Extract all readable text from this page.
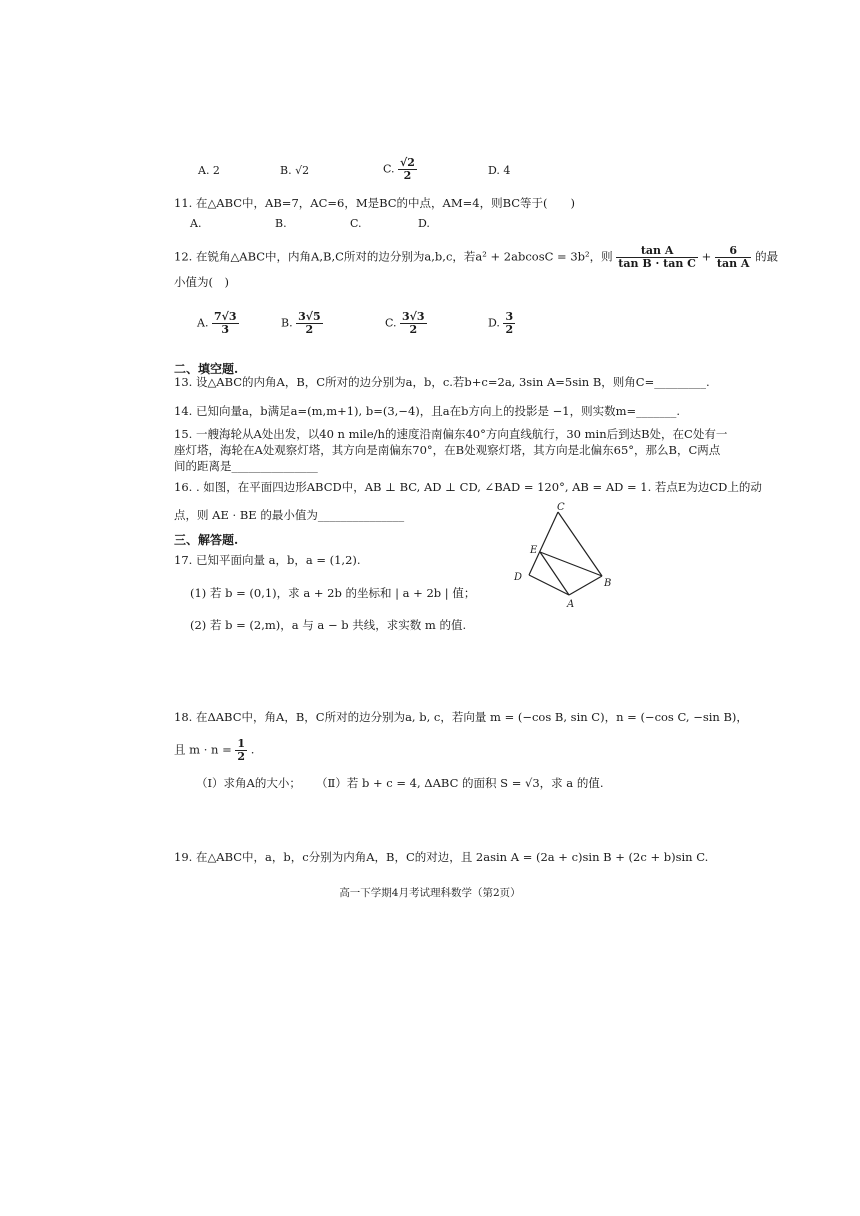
A. 2	B. √2	C. $\frac{√2}{2}$	D. 4
11. 在△ABC中，AB=7，AC=6，M是BC的中点，AM=4，则BC等于(　　)
A.	B.	C.	D.
12. 在锐角△ABC中，内角A,B,C所对的边分别为a,b,c，若a² + 2abcosC = 3b²，则 $\frac{\text{tan A}}{\text{tan B · tan C}} + \frac{6}{\text{tan A}}$ 的最
小值为(　)
A. $\frac{7√3}{3}$	B. $\frac{3√5}{2}$	C. $\frac{3√3}{2}$	D. $\frac{3}{2}$
二、填空题.
13. 设△ABC的内角A，B，C所对的边分别为a，b，c.若b+c=2a, 3sin A=5sin B，则角C=_________.
14. 已知向量a，b满足a=(m,m+1), b=(3,−4)，且a在b方向上的投影是 −1，则实数m=_______.
15. 一艘海轮从A处出发，以40 n mile/h的速度沿南偏东40°方向直线航行，30 min后到达B处，在C处有一
座灯塔，海轮在A处观察灯塔，其方向是南偏东70°，在B处观察灯塔，其方向是北偏东65°，那么B，C两点
间的距离是_______________
16. . 如图，在平面四边形ABCD中，AB ⊥ BC, AD ⊥ CD, ∠BAD = 120°, AB = AD = 1. 若点E为边CD上的动
点，则 AE · BE 的最小值为_______________
三、解答题.
17. 已知平面向量 a，b，a = (1,2).
(1) 若 b = (0,1)，求 a + 2b 的坐标和 | a + 2b | 值；
(2) 若 b = (2,m)，a 与 a − b 共线，求实数 m 的值.
C
E
D
B
A
18. 在ΔABC中，角A，B，C所对的边分别为a, b, c，若向量 m = (−cos B, sin C)，n = (−cos C, −sin B)，
且 $m \cdot n = \frac{1}{2}$ .
（Ⅰ）求角A的大小； （Ⅱ）若 b + c = 4, ΔABC 的面积 S = √3，求 a 的值.
19. 在△ABC中，a，b，c分别为内角A，B，C的对边，且 2asin A = (2a + c)sin B + (2c + b)sin C.
高一下学期4月考试理科数学（第2页）
